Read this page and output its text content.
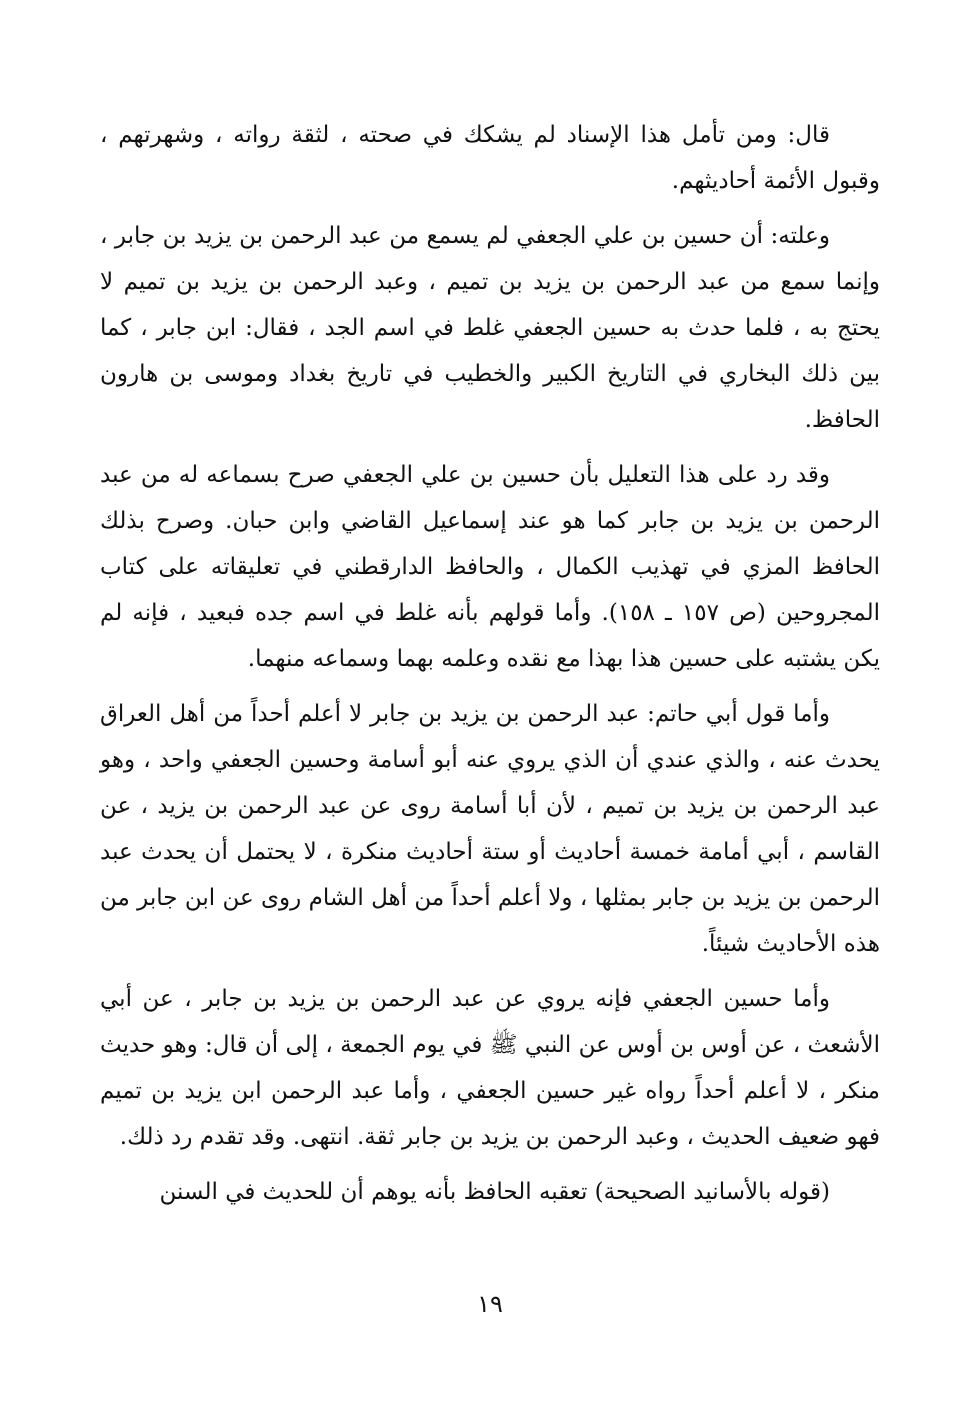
قال: ومن تأمل هذا الإسناد لم يشكك في صحته ، لثقة رواته ، وشهرتهم ، وقبول الأئمة أحاديثهم.

وعلته: أن حسين بن علي الجعفي لم يسمع من عبد الرحمن بن يزيد بن جابر ، وإنما سمع من عبد الرحمن بن يزيد بن تميم ، وعبد الرحمن بن يزيد بن تميم لا يحتج به ، فلما حدث به حسين الجعفي غلط في اسم الجد ، فقال: ابن جابر ، كما بين ذلك البخاري في التاريخ الكبير والخطيب في تاريخ بغداد وموسى بن هارون الحافظ.

وقد رد على هذا التعليل بأن حسين بن علي الجعفي صرح بسماعه له من عبد الرحمن بن يزيد بن جابر كما هو عند إسماعيل القاضي وابن حبان. وصرح بذلك الحافظ المزي في تهذيب الكمال ، والحافظ الدارقطني في تعليقاته على كتاب المجروحين (ص ١٥٧ ـ ١٥٨). وأما قولهم بأنه غلط في اسم جده فبعيد ، فإنه لم يكن يشتبه على حسين هذا بهذا مع نقده وعلمه بهما وسماعه منهما.

وأما قول أبي حاتم: عبد الرحمن بن يزيد بن جابر لا أعلم أحداً من أهل العراق يحدث عنه ، والذي عندي أن الذي يروي عنه أبو أسامة وحسين الجعفي واحد ، وهو عبد الرحمن بن يزيد بن تميم ، لأن أبا أسامة روى عن عبد الرحمن بن يزيد ، عن القاسم ، أبي أمامة خمسة أحاديث أو ستة أحاديث منكرة ، لا يحتمل أن يحدث عبد الرحمن بن يزيد بن جابر بمثلها ، ولا أعلم أحداً من أهل الشام روى عن ابن جابر من هذه الأحاديث شيئاً.

وأما حسين الجعفي فإنه يروي عن عبد الرحمن بن يزيد بن جابر ، عن أبي الأشعث ، عن أوس بن أوس عن النبي ﷺ في يوم الجمعة ، إلى أن قال: وهو حديث منكر ، لا أعلم أحداً رواه غير حسين الجعفي ، وأما عبد الرحمن ابن يزيد بن تميم فهو ضعيف الحديث ، وعبد الرحمن بن يزيد بن جابر ثقة. انتهى. وقد تقدم رد ذلك.

(قوله بالأسانيد الصحيحة) تعقبه الحافظ بأنه يوهم أن للحديث في السنن

١٩
